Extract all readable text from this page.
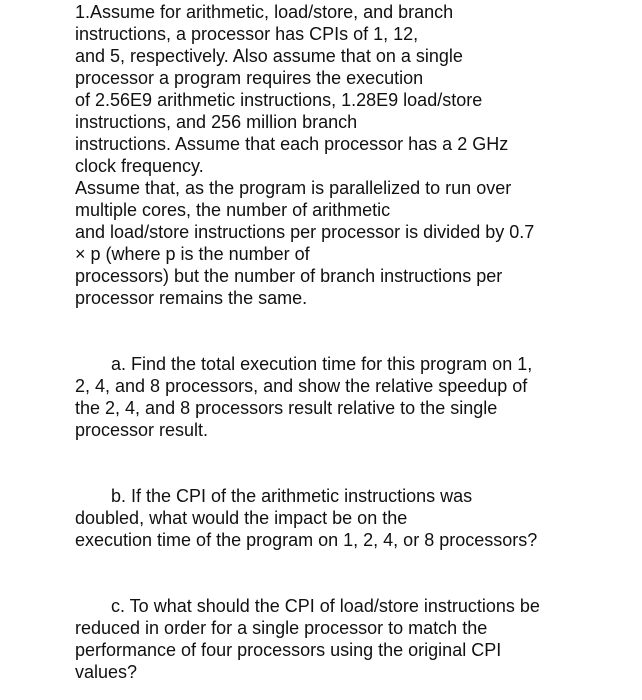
1.Assume for arithmetic, load/store, and branch
instructions, a processor has CPIs of 1, 12,
and 5, respectively. Also assume that on a single
processor a program requires the execution
of 2.56E9 arithmetic instructions, 1.28E9 load/store
instructions, and 256 million branch
instructions. Assume that each processor has a 2 GHz
clock frequency.
Assume that, as the program is parallelized to run over
multiple cores, the number of arithmetic
and load/store instructions per processor is divided by 0.7
× p (where p is the number of
processors) but the number of branch instructions per
processor remains the same.
a. Find the total execution time for this program on 1,
2, 4, and 8 processors, and show the relative speedup of
the 2, 4, and 8 processors result relative to the single
processor result.
b. If the CPI of the arithmetic instructions was
doubled, what would the impact be on the
execution time of the program on 1, 2, 4, or 8 processors?
c. To what should the CPI of load/store instructions be
reduced in order for a single processor to match the
performance of four processors using the original CPI
values?
